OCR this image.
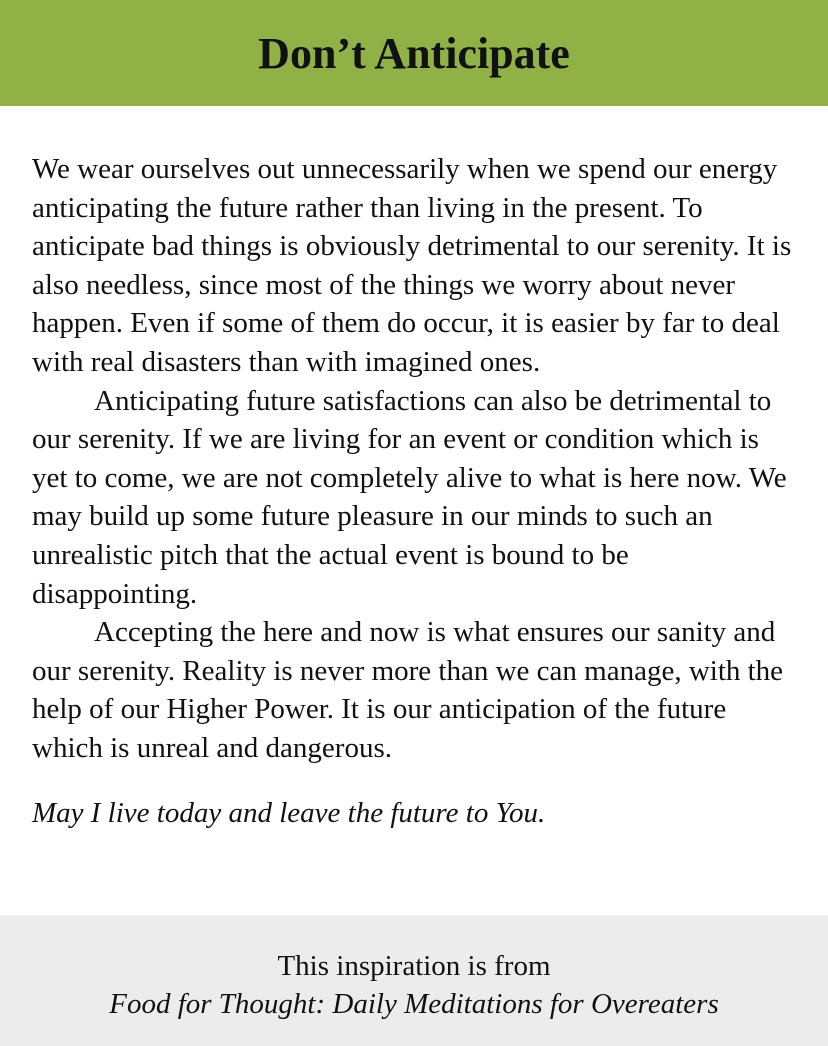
Don’t Anticipate

We wear ourselves out unnecessarily when we spend our energy anticipating the future rather than living in the present. To anticipate bad things is obviously detrimental to our serenity. It is also needless, since most of the things we worry about never happen. Even if some of them do occur, it is easier by far to deal with real disasters than with imagined ones.

Anticipating future satisfactions can also be detrimental to our serenity. If we are living for an event or condition which is yet to come, we are not completely alive to what is here now. We may build up some future pleasure in our minds to such an unrealistic pitch that the actual event is bound to be disappointing.

Accepting the here and now is what ensures our sanity and our serenity. Reality is never more than we can manage, with the help of our Higher Power. It is our anticipation of the future which is unreal and dangerous.

May I live today and leave the future to You.

This inspiration is from

Food for Thought: Daily Meditations for Overeaters
